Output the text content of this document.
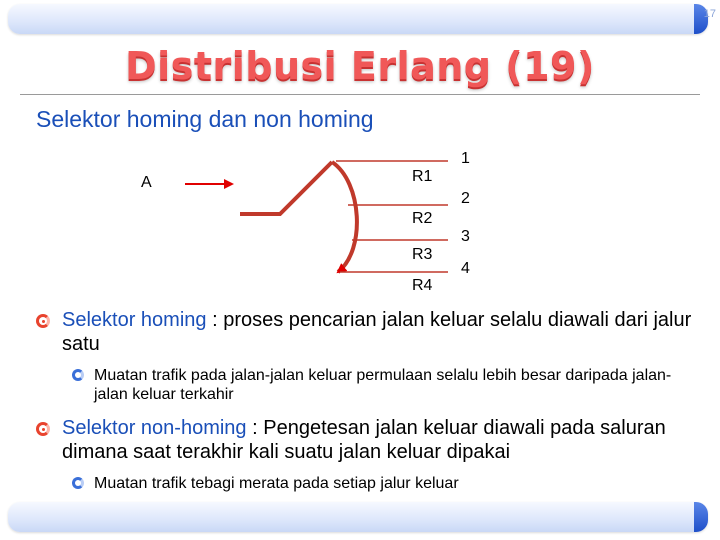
17
Distribusi Erlang (19)
Selektor homing dan non homing
A	R1
R2
R3
R4
1
2
3
4
Selektor homing : proses pencarian jalan keluar selalu diawali dari jalur satu
Muatan trafik pada jalan-jalan keluar permulaan selalu lebih besar daripada jalan-jalan keluar terkahir
Selektor non-homing : Pengetesan jalan keluar diawali pada saluran dimana saat terakhir kali suatu jalan keluar dipakai
Muatan trafik tebagi merata pada setiap jalur keluar
